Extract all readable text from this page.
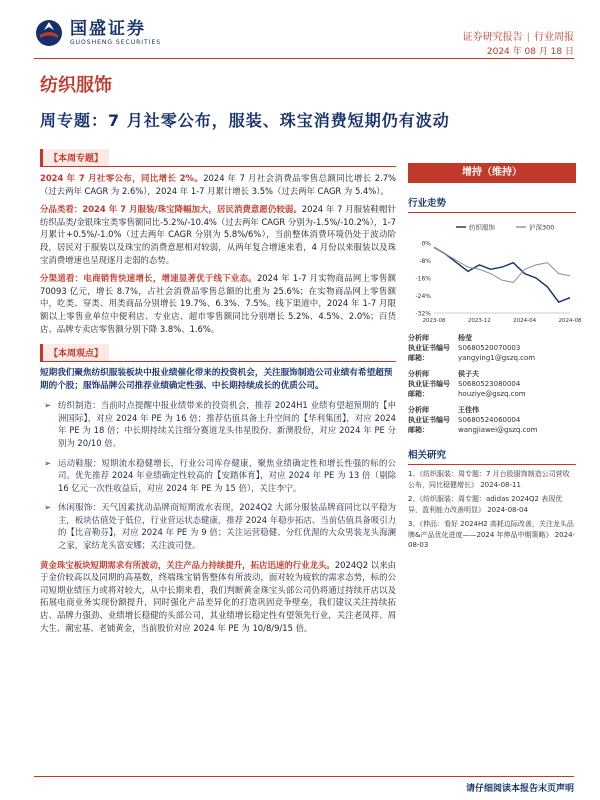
国盛证券
GUOSHENG SECURITIES	证券研究报告 | 行业周报
2024 年 08 月 18 日
纺织服饰
周专题：7 月社零公布，服装、珠宝消费短期仍有波动
【本周专题】
2024 年 7 月社零公布，同比增长 2%。2024 年 7 月社会消费品零售总额同比增长 2.7%（过去两年 CAGR 为 2.6%），2024 年 1-7 月累计增长 3.5%（过去两年 CAGR 为 5.4%）。
分品类看：2024 年 7 月服装/珠宝降幅加大，居民消费意愿仍较弱。2024 年 7 月服装鞋帽针纺织品类/金银珠宝类零售额同比-5.2%/-10.4%（过去两年 CAGR 分别为-1.5%/-10.2%），1-7 月累计+0.5%/-1.0%（过去两年 CAGR 分别为 5.8%/6%），当前整体消费环境仍处于波动阶段，居民对于服装以及珠宝的消费意愿相对较弱，从两年复合增速来看，4 月份以来服装以及珠宝消费增速也呈现逐月走弱的态势。
分渠道看：电商销售快速增长，增速显著优于线下业态。2024 年 1-7 月实物商品网上零售额 70093 亿元，增长 8.7%，占社会消费品零售总额的比重为 25.6%；在实物商品网上零售额中，吃类、穿类、用类商品分别增长 19.7%、6.3%、7.5%。线下渠道中，2024 年 1-7 月限额以上零售业单位中便利店、专业店、超市零售额同比分别增长 5.2%、4.5%、2.0%；百货店、品牌专卖店零售额分别下降 3.8%、1.6%。
【本周观点】
短期我们聚焦纺织服装板块中报业绩催化带来的投资机会，关注服饰制造公司业绩有希望超预期的个股；服饰品牌公司推荐业绩确定性强、中长期持续成长的优质公司。
➢ 纺织制造：当前时点提醒中报业绩带来的投资机会，推荐 2024H1 业绩有望超预期的【申洲国际】，对应 2024 年 PE 为 16 倍；推荐估值具备上升空间的【华利集团】，对应 2024 年 PE 为 18 倍；中长期持续关注细分赛道龙头伟星股份、新澳股份，对应 2024 年 PE 分别为 20/10 倍。
➢ 运动鞋服：短期流水稳健增长，行业公司库存健康，聚焦业绩确定性和增长性强的标的公司。优先推荐 2024 年业绩确定性较高的【安踏体育】，对应 2024 年 PE 为 13 倍（剔除 16 亿元一次性收益后，对应 2024 年 PE 为 15 倍），关注李宁。
➢ 休闲服饰：天气因素扰动品牌商短期流水表现，2024Q2 大部分服装品牌商同比以平稳为主，板块估值处于低位，行业营运状态健康，推荐 2024 年稳步拓店、当前估值具备吸引力的【比音勒芬】，对应 2024 年 PE 为 9 倍；关注运营稳健、分红优渥的大众男装龙头海澜之家，家纺龙头富安娜；关注波司登。
黄金珠宝板块短期需求有所波动，关注产品力持续提升，拓店迅速的行业龙头。2024Q2 以来由于金价较高以及同期的高基数，终端珠宝销售整体有所波动，面对较为疲软的需求态势，标的公司短期业绩压力或将对较大，从中长期来看，我们判断黄金珠宝头部公司仍将通过持续开店以及拓展电商业务实现份额提升，同时强化产品差异化的打造巩固竞争壁垒，我们建议关注持续拓店、品牌力强劲、业绩增长稳健的头部公司，其业绩增长稳定性有望领先行业，关注老凤祥、周大生、潮宏基、老铺黄金，当前股价对应 2024 年 PE 为 10/8/9/15 倍。
增持（维持）
行业走势
0%
-8%
-16%
-24%
-32%
2023-08	2023-12	2024-04	2024-08
纺织服饰	沪深300
分析师	杨莹
执业证书编号	S0680520070003
邮箱：	yangying1@gszq.com
分析师	侯子夫
执业证书编号	S0680523080004
邮箱：	houziye@gszq.com
分析师	王佳伟
执业证书编号	S0680524060004
邮箱：	wangjiawei@gszq.com
相关研究
1、《纺织服装：周专题：7 月台股服饰制造公司营收公布，同比稳健增长》 2024-08-11
2、《纺织服装：周专题：adidas 2024Q2 表现优异，盈利能力改善明显》 2024-08-04
3、《伸品：看好 2024H2 高耗边际改善，关注龙头品牌&产品优化进度——2024 年伸品中期策略》 2024-08-03
请仔细阅读本报告末页声明
